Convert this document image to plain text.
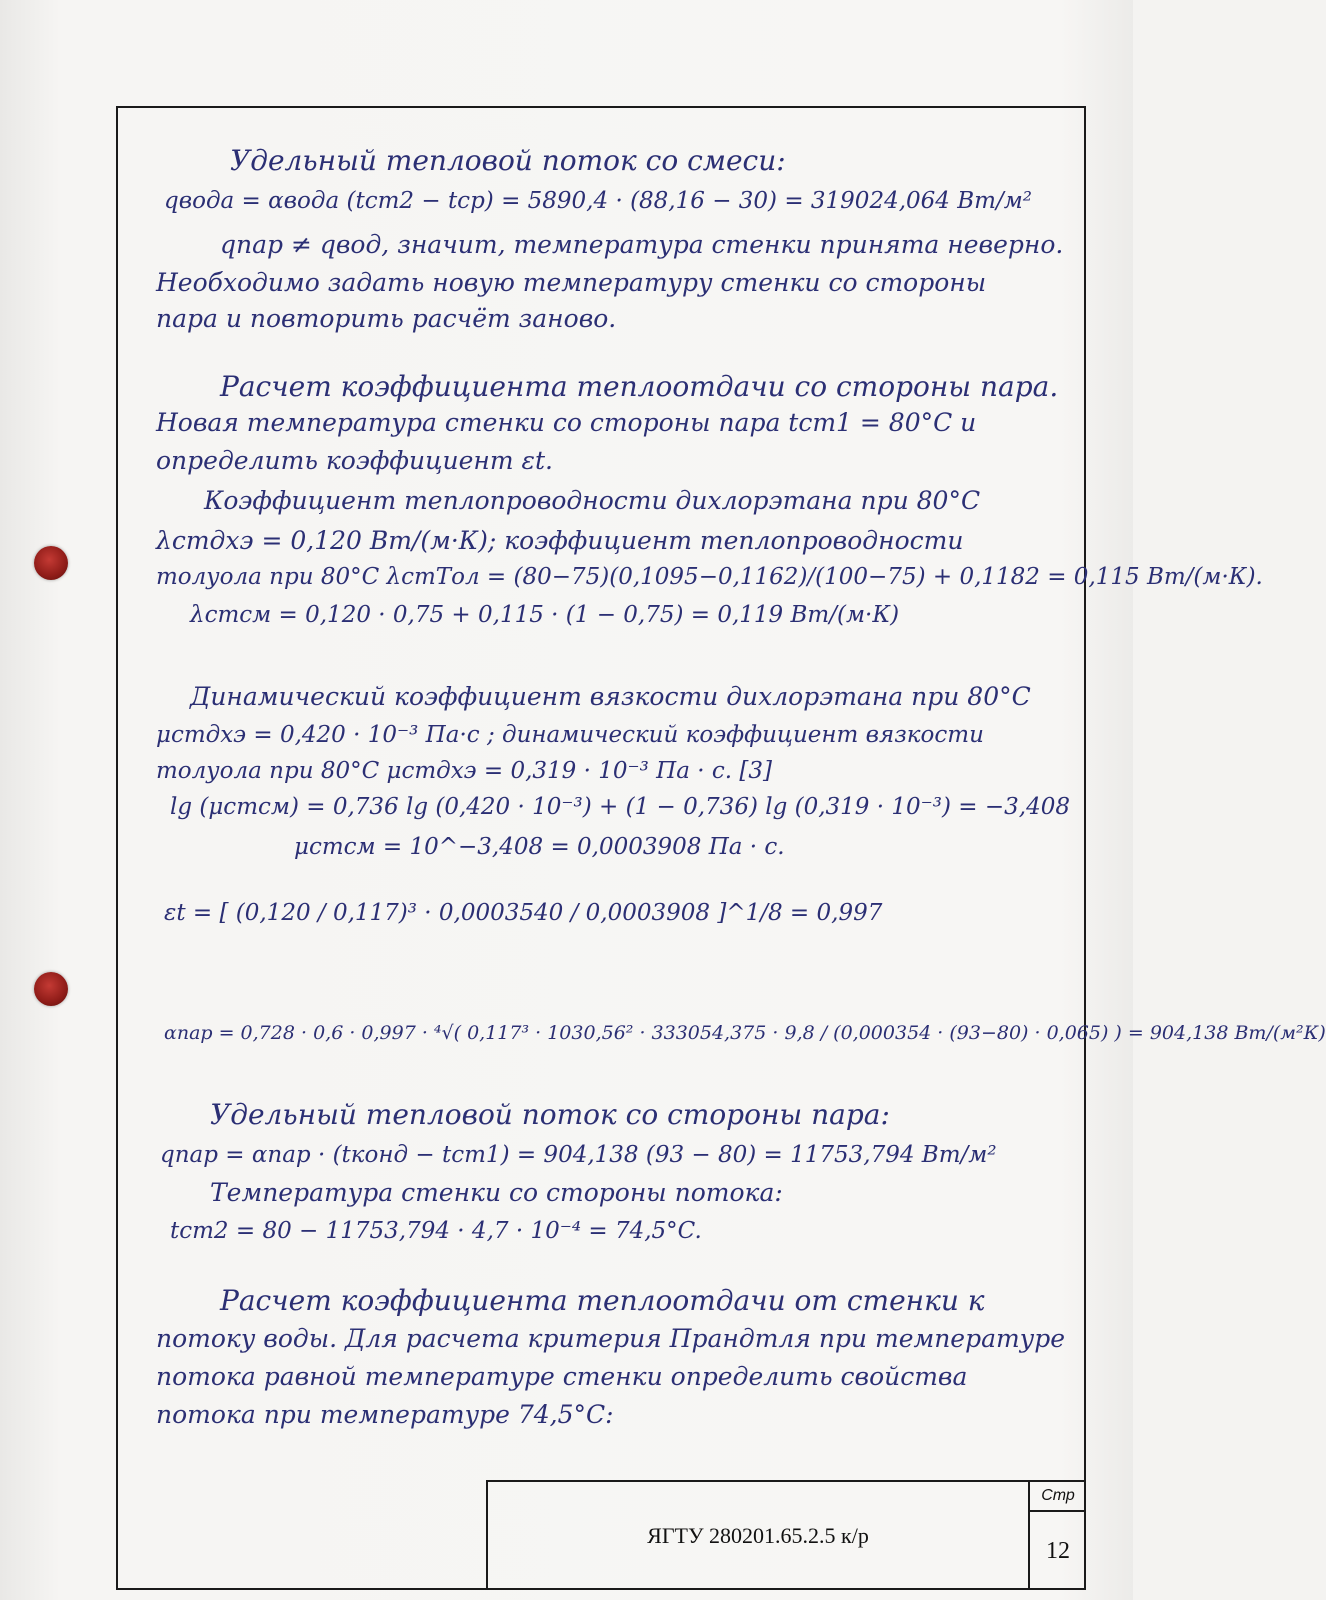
Удельный тепловой поток со смеси:
qвода = αвода (tст2 − tср) = 5890,4 · (88,16 − 30) = 319024,064 Вт/м²
qпар ≠ qвод, значит, температура стенки принята неверно.
Необходимо задать новую температуру стенки со стороны
пара и повторить расчёт заново.
Расчет коэффициента теплоотдачи со стороны пара.
Новая температура стенки со стороны пара tст1 = 80°C и
определить коэффициент εt.
Коэффициент теплопроводности дихлорэтана при 80°C
λстдхэ = 0,120 Вт/(м·К); коэффициент теплопроводности
толуола при 80°C λстТол = (80−75)(0,1095−0,1162)/(100−75) + 0,1182 = 0,115 Вт/(м·К).
λстсм = 0,120 · 0,75 + 0,115 · (1 − 0,75) = 0,119 Вт/(м·К)
Динамический коэффициент вязкости дихлорэтана при 80°C
μстдхэ = 0,420 · 10⁻³ Па·с ; динамический коэффициент вязкости
толуола при 80°C μстдхэ = 0,319 · 10⁻³ Па · с. [3]
lg (μстсм) = 0,736 lg (0,420 · 10⁻³) + (1 − 0,736) lg (0,319 · 10⁻³) = −3,408
μстсм = 10^−3,408 = 0,0003908 Па · с.
εt = [ (0,120 / 0,117)³ · 0,0003540 / 0,0003908 ]^1/8 = 0,997
αпар = 0,728 · 0,6 · 0,997 · ⁴√( 0,117³ · 1030,56² · 333054,375 · 9,8 / (0,000354 · (93−80) · 0,065) ) = 904,138 Вт/(м²К)
Удельный тепловой поток со стороны пара:
qпар = αпар · (tконд − tст1) = 904,138 (93 − 80) = 11753,794 Вт/м²
Температура стенки со стороны потока:
tст2 = 80 − 11753,794 · 4,7 · 10⁻⁴ = 74,5°C.
Расчет коэффициента теплоотдачи от стенки к
потоку воды. Для расчета критерия Прандтля при температуре
потока равной температуре стенки определить свойства
потока при температуре 74,5°C:
ЯГТУ 280201.65.2.5 к/р
Стр
12
